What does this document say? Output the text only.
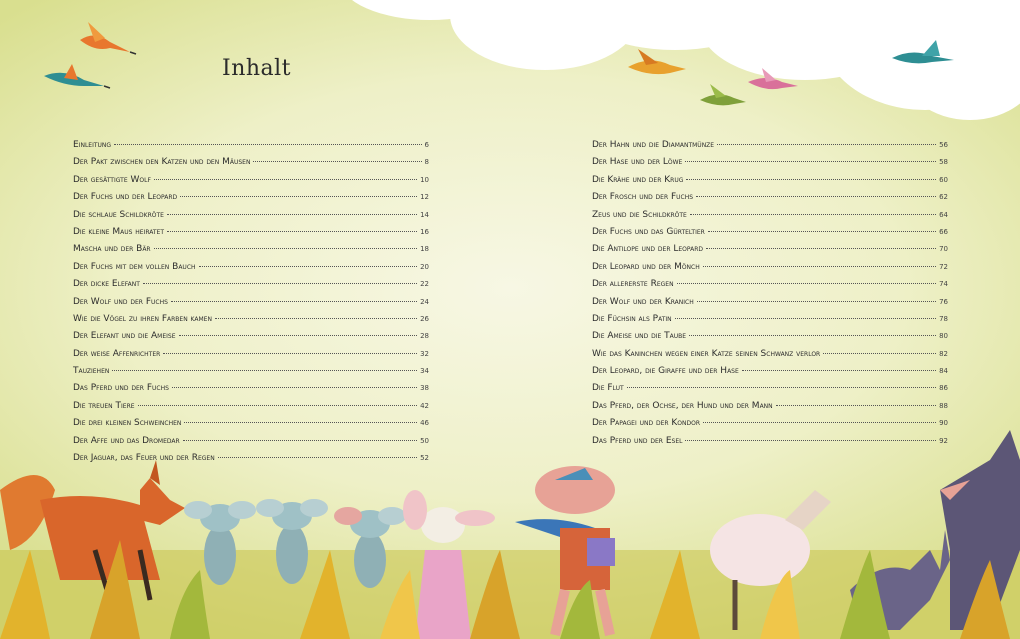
Inhalt
Einleitung	6
Der Pakt zwischen den Katzen und den Mäusen	8
Der gesättigte Wolf	10
Der Fuchs und der Leopard	12
Die schlaue Schildkröte	14
Die kleine Maus heiratet	16
Mascha und der Bär	18
Der Fuchs mit dem vollen Bauch	20
Der dicke Elefant	22
Der Wolf und der Fuchs	24
Wie die Vögel zu ihren Farben kamen	26
Der Elefant und die Ameise	28
Der weise Affenrichter	32
Tauziehen	34
Das Pferd und der Fuchs	38
Die treuen Tiere	42
Die drei kleinen Schweinchen	46
Der Affe und das Dromedar	50
Der Jaguar, das Feuer und der Regen	52
Der Hahn und die Diamantmünze	56
Der Hase und der Löwe	58
Die Krähe und der Krug	60
Der Frosch und der Fuchs	62
Zeus und die Schildkröte	64
Der Fuchs und das Gürteltier	66
Die Antilope und der Leopard	70
Der Leopard und der Mönch	72
Der allererste Regen	74
Der Wolf und der Kranich	76
Die Füchsin als Patin	78
Die Ameise und die Taube	80
Wie das Kaninchen wegen einer Katze seinen Schwanz verlor	82
Der Leopard, die Giraffe und der Hase	84
Die Flut	86
Das Pferd, der Ochse, der Hund und der Mann	88
Der Papagei und der Kondor	90
Das Pferd und der Esel	92
